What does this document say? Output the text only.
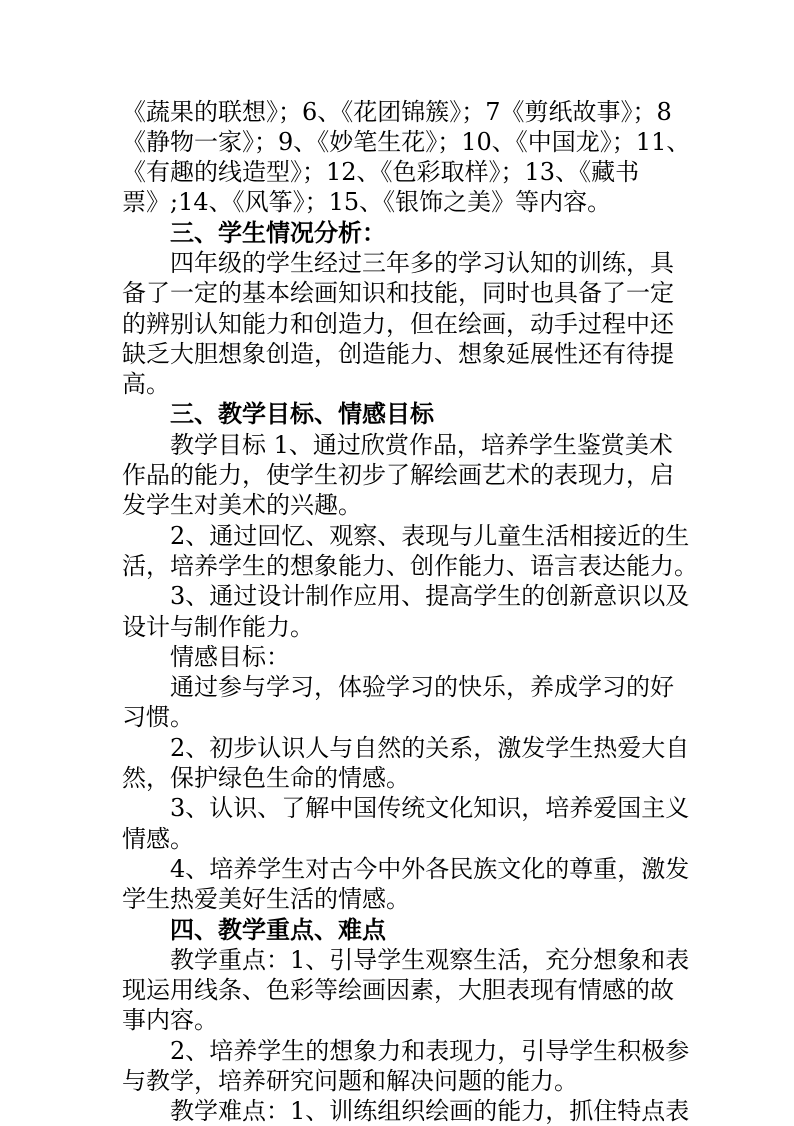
《蔬果的联想》；6、《花团锦簇》；7《剪纸故事》；8
《静物一家》；9、《妙笔生花》；10、《中国龙》；11、
《有趣的线造型》；12、《色彩取样》；13、《藏书
票》;14、《风筝》；15、《银饰之美》等内容。
三、学生情况分析：
四年级的学生经过三年多的学习认知的训练，具
备了一定的基本绘画知识和技能，同时也具备了一定
的辨别认知能力和创造力，但在绘画，动手过程中还
缺乏大胆想象创造，创造能力、想象延展性还有待提
高。
三、教学目标、情感目标
教学目标 1、通过欣赏作品，培养学生鉴赏美术
作品的能力，使学生初步了解绘画艺术的表现力，启
发学生对美术的兴趣。
2、通过回忆、观察、表现与儿童生活相接近的生
活，培养学生的想象能力、创作能力、语言表达能力。
3、通过设计制作应用、提高学生的创新意识以及
设计与制作能力。
情感目标：
通过参与学习，体验学习的快乐，养成学习的好
习惯。
2、初步认识人与自然的关系，激发学生热爱大自
然，保护绿色生命的情感。
3、认识、了解中国传统文化知识，培养爱国主义
情感。
4、培养学生对古今中外各民族文化的尊重，激发
学生热爱美好生活的情感。
四、教学重点、难点
教学重点：1、引导学生观察生活，充分想象和表
现运用线条、色彩等绘画因素，大胆表现有情感的故
事内容。
2、培养学生的想象力和表现力，引导学生积极参
与教学，培养研究问题和解决问题的能力。
教学难点：1、训练组织绘画的能力，抓住特点表
